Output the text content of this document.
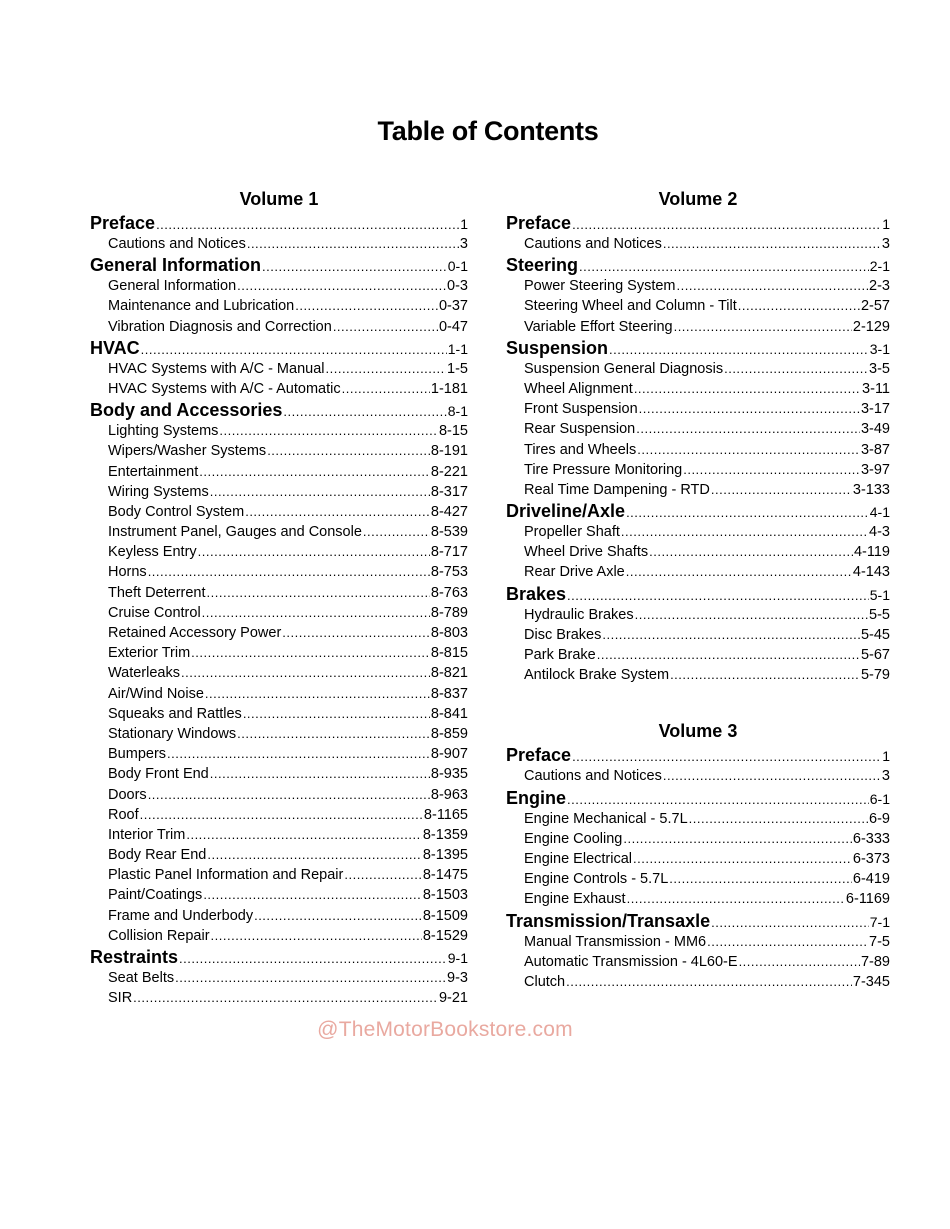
Table of Contents
Volume 1
Preface .....	1
Cautions and Notices .....	3
General Information .....	0-1
General Information .....	0-3
Maintenance and Lubrication .....	0-37
Vibration Diagnosis and Correction .....	0-47
HVAC .....	1-1
HVAC Systems with A/C - Manual .....	1-5
HVAC Systems with A/C - Automatic .....	1-181
Body and Accessories .....	8-1
Lighting Systems .....	8-15
Wipers/Washer Systems .....	8-191
Entertainment .....	8-221
Wiring Systems .....	8-317
Body Control System .....	8-427
Instrument Panel, Gauges and Console .....	8-539
Keyless Entry .....	8-717
Horns .....	8-753
Theft Deterrent .....	8-763
Cruise Control .....	8-789
Retained Accessory Power .....	8-803
Exterior Trim .....	8-815
Waterleaks .....	8-821
Air/Wind Noise .....	8-837
Squeaks and Rattles .....	8-841
Stationary Windows .....	8-859
Bumpers .....	8-907
Body Front End .....	8-935
Doors .....	8-963
Roof .....	8-1165
Interior Trim .....	8-1359
Body Rear End .....	8-1395
Plastic Panel Information and Repair .....	8-1475
Paint/Coatings .....	8-1503
Frame and Underbody .....	8-1509
Collision Repair .....	8-1529
Restraints .....	9-1
Seat Belts .....	9-3
SIR .....	9-21
Volume 2
Preface .....	1
Cautions and Notices .....	3
Steering .....	2-1
Power Steering System .....	2-3
Steering Wheel and Column - Tilt .....	2-57
Variable Effort Steering .....	2-129
Suspension .....	3-1
Suspension General Diagnosis .....	3-5
Wheel Alignment .....	3-11
Front Suspension .....	3-17
Rear Suspension .....	3-49
Tires and Wheels .....	3-87
Tire Pressure Monitoring .....	3-97
Real Time Dampening - RTD .....	3-133
Driveline/Axle .....	4-1
Propeller Shaft .....	4-3
Wheel Drive Shafts .....	4-119
Rear Drive Axle .....	4-143
Brakes .....	5-1
Hydraulic Brakes .....	5-5
Disc Brakes .....	5-45
Park Brake .....	5-67
Antilock Brake System .....	5-79
Volume 3
Preface .....	1
Cautions and Notices .....	3
Engine .....	6-1
Engine Mechanical - 5.7L .....	6-9
Engine Cooling .....	6-333
Engine Electrical .....	6-373
Engine Controls - 5.7L .....	6-419
Engine Exhaust .....	6-1169
Transmission/Transaxle .....	7-1
Manual Transmission - MM6 .....	7-5
Automatic Transmission - 4L60-E .....	7-89
Clutch .....	7-345
@TheMotorBookstore.com
